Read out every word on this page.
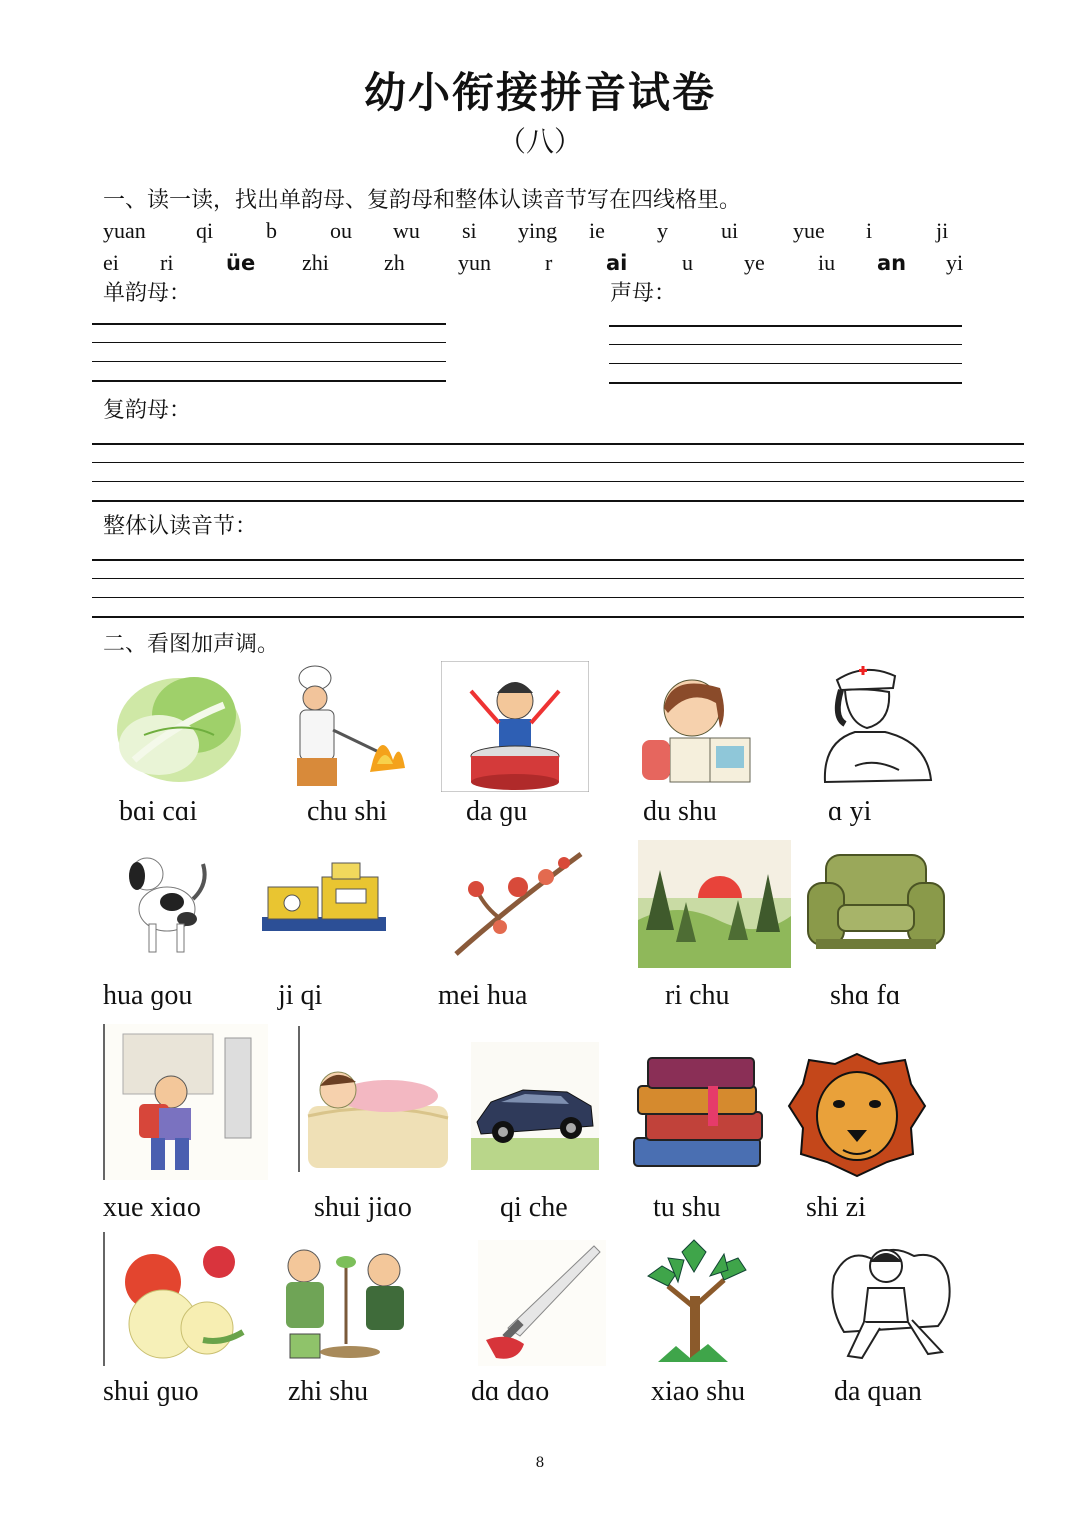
幼小衔接拼音试卷
（八）
一、读一读，找出单韵母、复韵母和整体认读音节写在四线格里。
yuan qi b ou wu si ying ie y ui yue i	ji
ei ri	üe zhi	zh yun r	ai u ye iu an yi
单韵母：	声母：
复韵母：
整体认读音节：
二、看图加声调。
bɑi cɑi	chu shi	da ɡu	du shu	ɑ yi
hua ɡou	ji qi	mei hua	ri chu	shɑ fɑ
xue xiɑo	shui jiɑo	qi che	tu shu	shi zi
shui ɡuo	zhi shu	dɑ dɑo	xiao shu	da quan
8
